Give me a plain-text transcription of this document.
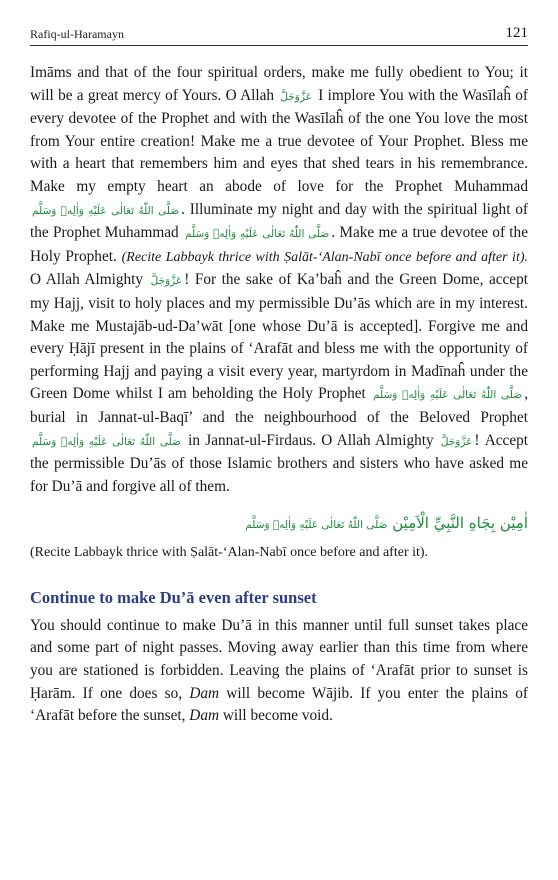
Rafiq-ul-Haramayn	121

Imāms and that of the four spiritual orders, make me fully obedient to You; it will be a great mercy of Yours. O Allah عَزَّوَجَلَّ I implore You with the Wasīlaĥ of every devotee of the Prophet and with the Wasīlaĥ of the one You love the most from Your entire creation! Make me a true devotee of Your Prophet. Bless me with a heart that remembers him and eyes that shed tears in his remembrance. Make my empty heart an abode of love for the Prophet Muhammad صَلَّى اللّٰهُ تَعَالٰى عَلَيْهِ وَاٰلِهٖ وَسَلَّم . Illuminate my night and day with the spiritual light of the Prophet Muhammad صَلَّى اللّٰهُ تَعَالٰى عَلَيْهِ وَاٰلِهٖ وَسَلَّم . Make me a true devotee of the Holy Prophet. (Recite Labbayk thrice with Ṣalāt-‘Alan-Nabī once before and after it). O Allah Almighty عَزَّوَجَلَّ ! For the sake of Ka’baĥ and the Green Dome, accept my Hajj, visit to holy places and my permissible Du’ās which are in my interest. Make me Mustajāb-ud-Da’wāt [one whose Du’ā is accepted]. Forgive me and every Ḥājī present in the plains of ‘Arafāt and bless me with the opportunity of performing Hajj and paying a visit every year, martyrdom in Madīnaĥ under the Green Dome whilst I am beholding the Holy Prophet صَلَّى اللّٰهُ تَعَالٰى عَلَيْهِ وَاٰلِهٖ وَسَلَّم , burial in Jannat-ul-Baqī’ and the neighbourhood of the Beloved Prophet صَلَّى اللّٰهُ تَعَالٰى عَلَيْهِ وَاٰلِهٖ وَسَلَّم in Jannat-ul-Firdaus. O Allah Almighty عَزَّوَجَلَّ ! Accept the permissible Du’ās of those Islamic brothers and sisters who have asked me for Du’ā and forgive all of them.

اٰمِيْن بِجَاهِ النَّبِيِّ الْاَمِيْن صَلَّى اللّٰهُ تَعَالٰى عَلَيْهِ وَاٰلِهٖ وَسَلَّم

(Recite Labbayk thrice with Ṣalāt-‘Alan-Nabī once before and after it).

Continue to make Du’ā even after sunset

You should continue to make Du’ā in this manner until full sunset takes place and some part of night passes. Moving away earlier than this time from where you are stationed is forbidden. Leaving the plains of ‘Arafāt prior to sunset is Ḥarām. If one does so, Dam will become Wājib. If you enter the plains of ‘Arafāt before the sunset, Dam will become void.
